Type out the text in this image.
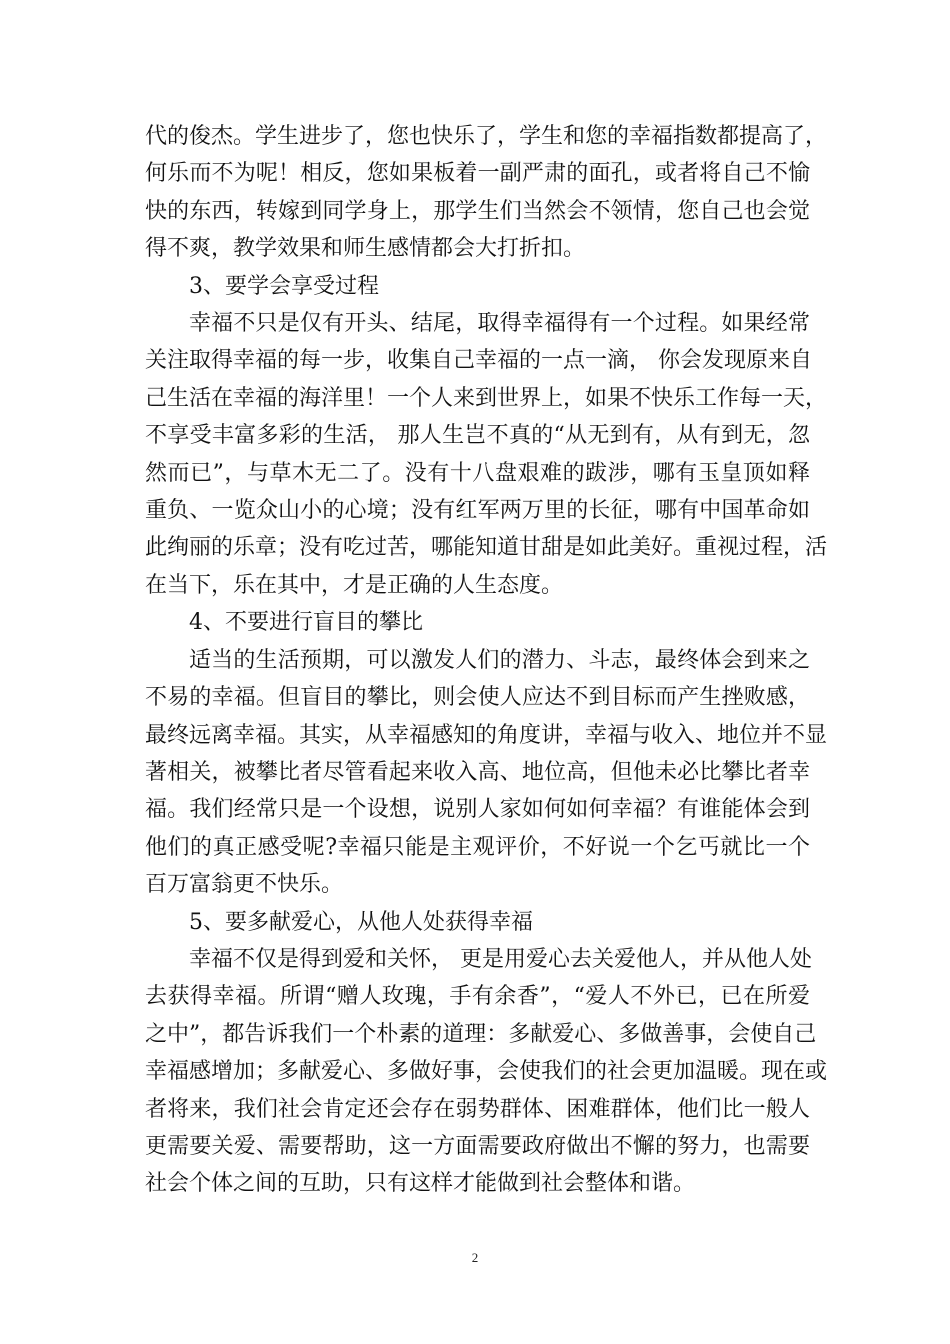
代的俊杰。学生进步了，您也快乐了，学生和您的幸福指数都提高了，
何乐而不为呢！相反，您如果板着一副严肃的面孔，或者将自己不愉
快的东西，转嫁到同学身上，那学生们当然会不领情，您自己也会觉
得不爽，教学效果和师生感情都会大打折扣。
3、要学会享受过程
幸福不只是仅有开头、结尾，取得幸福得有一个过程。如果经常
关注取得幸福的每一步，收集自己幸福的一点一滴， 你会发现原来自
己生活在幸福的海洋里！一个人来到世界上，如果不快乐工作每一天，
不享受丰富多彩的生活， 那人生岂不真的“从无到有，从有到无，忽
然而已”，与草木无二了。没有十八盘艰难的跋涉，哪有玉皇顶如释
重负、一览众山小的心境；没有红军两万里的长征，哪有中国革命如
此绚丽的乐章；没有吃过苦，哪能知道甘甜是如此美好。重视过程，活
在当下，乐在其中，才是正确的人生态度。
4、不要进行盲目的攀比
适当的生活预期，可以激发人们的潜力、斗志，最终体会到来之
不易的幸福。但盲目的攀比，则会使人应达不到目标而产生挫败感，
最终远离幸福。其实，从幸福感知的角度讲，幸福与收入、地位并不显
著相关，被攀比者尽管看起来收入高、地位高，但他未必比攀比者幸
福。我们经常只是一个设想，说别人家如何如何幸福？有谁能体会到
他们的真正感受呢?幸福只能是主观评价，不好说一个乞丐就比一个
百万富翁更不快乐。
5、要多献爱心，从他人处获得幸福
幸福不仅是得到爱和关怀， 更是用爱心去关爱他人，并从他人处
去获得幸福。所谓“赠人玫瑰，手有余香”，“爱人不外已，已在所爱
之中”，都告诉我们一个朴素的道理：多献爱心、多做善事，会使自己
幸福感增加；多献爱心、多做好事，会使我们的社会更加温暖。现在或
者将来，我们社会肯定还会存在弱势群体、困难群体，他们比一般人
更需要关爱、需要帮助，这一方面需要政府做出不懈的努力，也需要
社会个体之间的互助，只有这样才能做到社会整体和谐。
2
